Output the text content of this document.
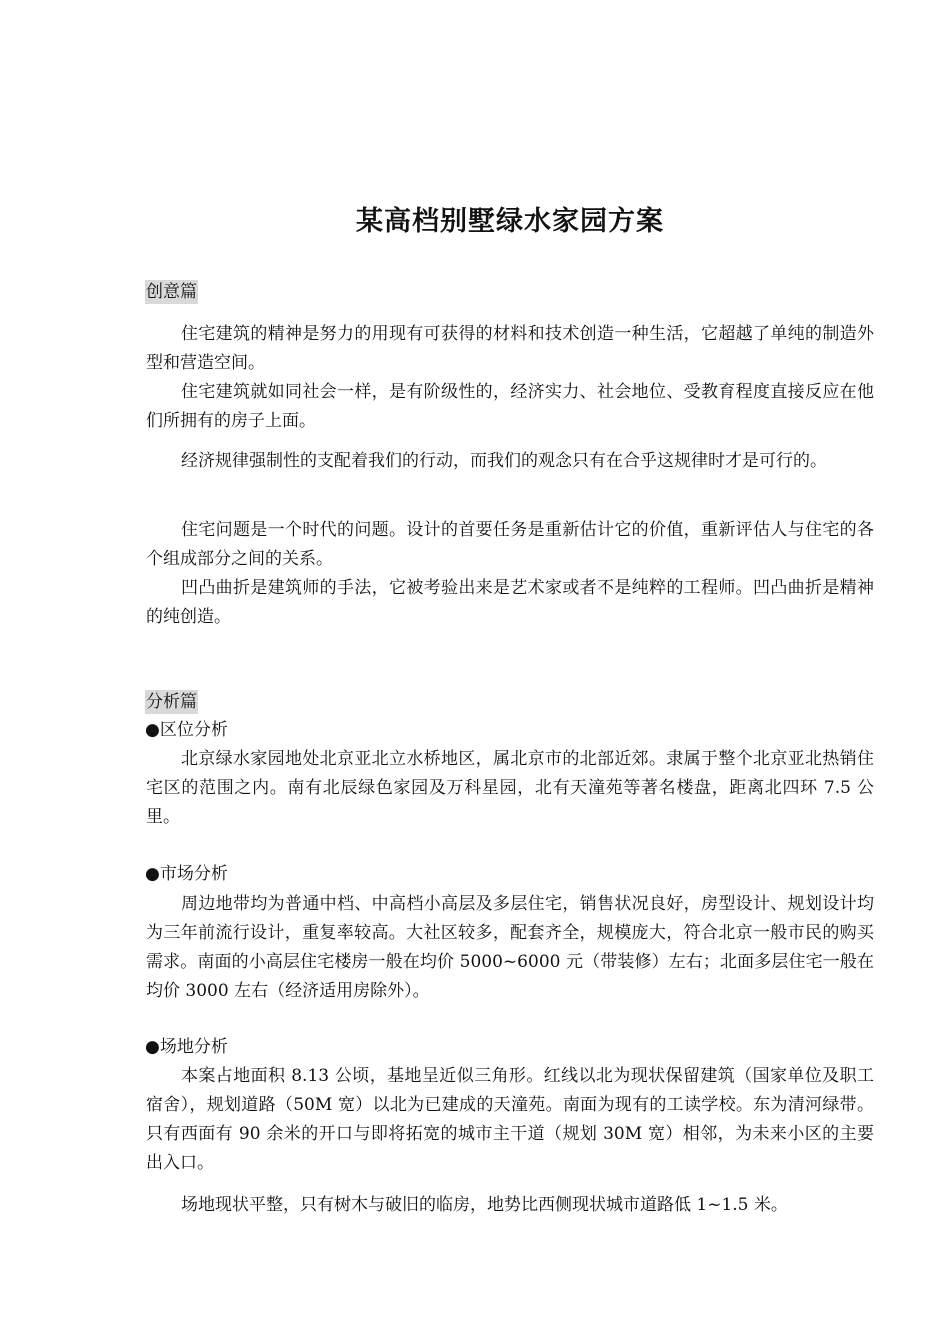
某高档别墅绿水家园方案
创意篇

住宅建筑的精神是努力的用现有可获得的材料和技术创造一种生活，它超越了单纯的制造外型和营造空间。

住宅建筑就如同社会一样，是有阶级性的，经济实力、社会地位、受教育程度直接反应在他们所拥有的房子上面。

经济规律强制性的支配着我们的行动，而我们的观念只有在合乎这规律时才是可行的。

住宅问题是一个时代的问题。设计的首要任务是重新估计它的价值，重新评估人与住宅的各个组成部分之间的关系。

凹凸曲折是建筑师的手法，它被考验出来是艺术家或者不是纯粹的工程师。凹凸曲折是精神的纯创造。

分析篇
●区位分析

北京绿水家园地处北京亚北立水桥地区，属北京市的北部近郊。隶属于整个北京亚北热销住宅区的范围之内。南有北辰绿色家园及万科星园，北有天潼苑等著名楼盘，距离北四环 7.5 公里。

●市场分析

周边地带均为普通中档、中高档小高层及多层住宅，销售状况良好，房型设计、规划设计均为三年前流行设计，重复率较高。大社区较多，配套齐全，规模庞大，符合北京一般市民的购买需求。南面的小高层住宅楼房一般在均价 5000~6000 元（带装修）左右；北面多层住宅一般在均价 3000 左右（经济适用房除外）。

●场地分析

本案占地面积 8.13 公顷，基地呈近似三角形。红线以北为现状保留建筑（国家单位及职工宿舍），规划道路（50M 宽）以北为已建成的天潼苑。南面为现有的工读学校。东为清河绿带。只有西面有 90 余米的开口与即将拓宽的城市主干道（规划 30M 宽）相邻，为未来小区的主要出入口。

场地现状平整，只有树木与破旧的临房，地势比西侧现状城市道路低 1~1.5 米。
